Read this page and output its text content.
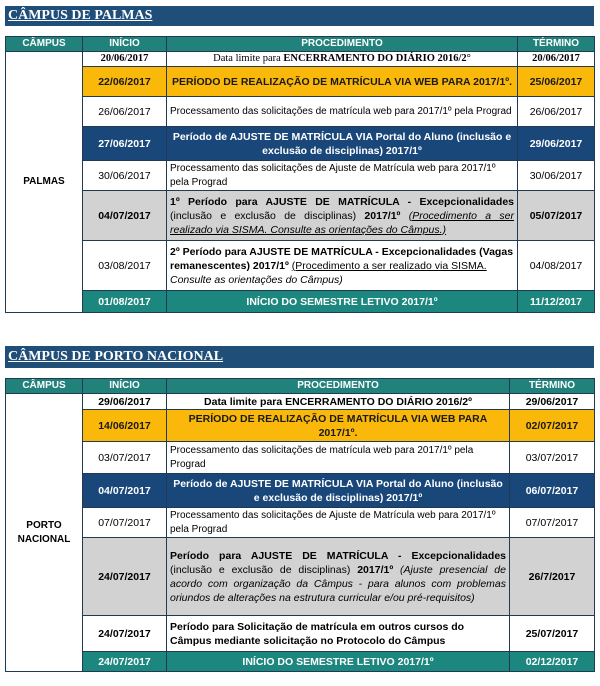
CÂMPUS DE PALMAS
CÂMPUS	INÍCIO	PROCEDIMENTO	TÉRMINO
PALMAS	20/06/2017	Data limite para ENCERRAMENTO DO DIÁRIO 2016/2°	20/06/2017
	22/06/2017	PERÍODO DE REALIZAÇÃO DE MATRÍCULA VIA WEB PARA 2017/1º.	25/06/2017
	26/06/2017	Processamento das solicitações de matrícula web para 2017/1º pela Prograd	26/06/2017
	27/06/2017	Período de AJUSTE DE MATRÍCULA VIA Portal do Aluno (inclusão e exclusão de disciplinas) 2017/1º	29/06/2017
	30/06/2017	Processamento das solicitações de Ajuste de Matrícula web para 2017/1º pela Prograd	30/06/2017
	04/07/2017	1º Período para AJUSTE DE MATRÍCULA - Excepcionalidades (inclusão e exclusão de disciplinas) 2017/1º (Procedimento a ser realizado via SISMA. Consulte as orientações do Câmpus.)	05/07/2017
	03/08/2017	2º Período para AJUSTE DE MATRÍCULA - Excepcionalidades (Vagas remanescentes) 2017/1º (Procedimento a ser realizado via SISMA. Consulte as orientações do Câmpus)	04/08/2017
	01/08/2017	INÍCIO DO SEMESTRE LETIVO 2017/1º	11/12/2017
CÂMPUS DE PORTO NACIONAL
CÂMPUS	INÍCIO	PROCEDIMENTO	TÉRMINO
PORTO
NACIONAL	29/06/2017	Data limite para ENCERRAMENTO DO DIÁRIO 2016/2º	29/06/2017
	14/06/2017	PERÍODO DE REALIZAÇÃO DE MATRÍCULA VIA WEB PARA 2017/1º.	02/07/2017
	03/07/2017	Processamento das solicitações de matrícula web para 2017/1º pela Prograd	03/07/2017
	04/07/2017	Período de AJUSTE DE MATRÍCULA VIA Portal do Aluno (inclusão e exclusão de disciplinas) 2017/1º	06/07/2017
	07/07/2017	Processamento das solicitações de Ajuste de Matrícula web para 2017/1º pela Prograd	07/07/2017
	24/07/2017	Período para AJUSTE DE MATRÍCULA - Excepcionalidades (inclusão e exclusão de disciplinas) 2017/1º (Ajuste presencial de acordo com organização da Câmpus - para alunos com problemas oriundos de alterações na estrutura curricular e/ou pré-requisitos)	26/7/2017
	24/07/2017	Período para Solicitação de matrícula em outros cursos do Câmpus mediante solicitação no Protocolo do Câmpus	25/07/2017
	24/07/2017	INÍCIO DO SEMESTRE LETIVO 2017/1º	02/12/2017
